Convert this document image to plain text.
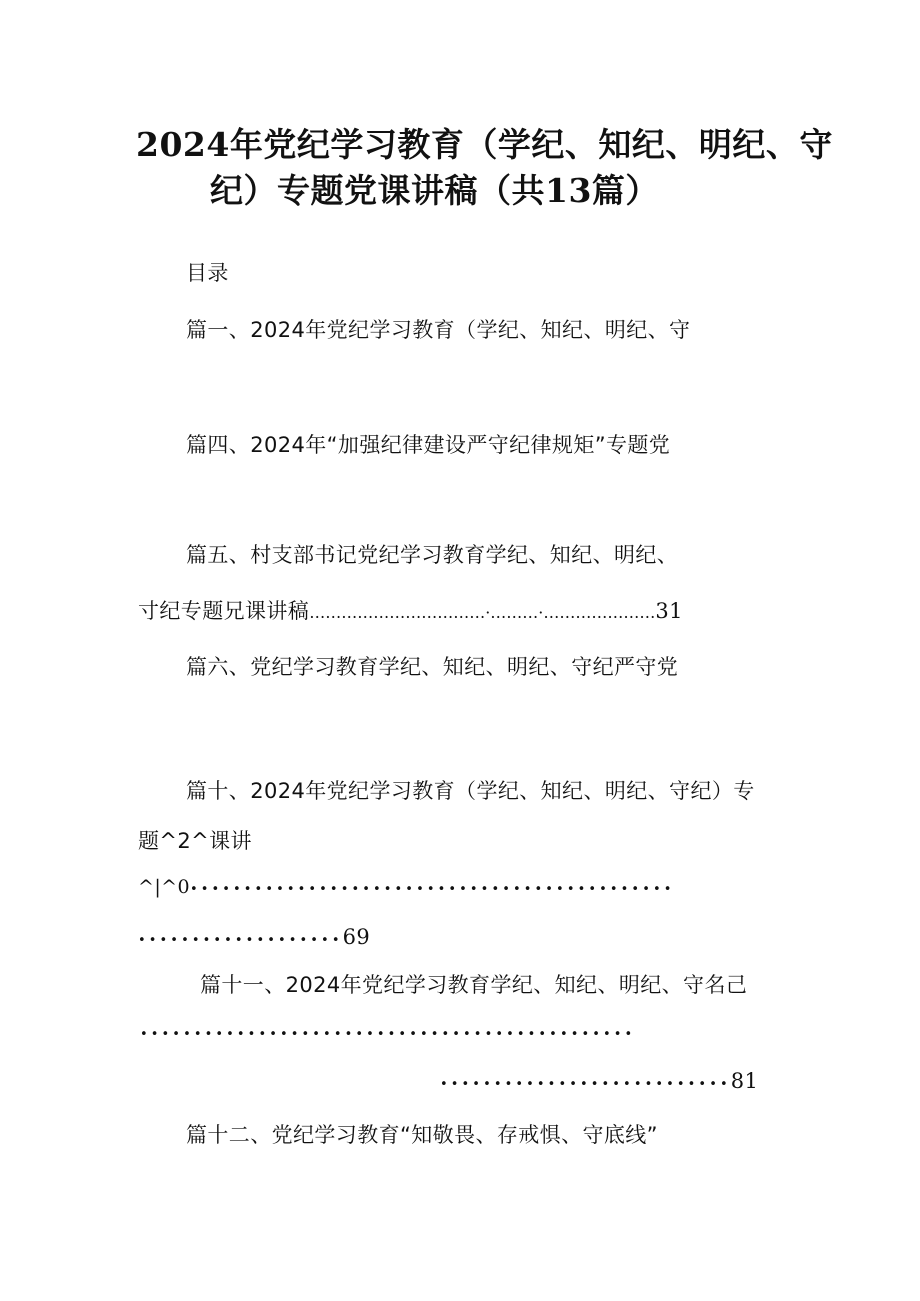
2024年党纪学习教育（学纪、知纪、明纪、守
纪）专题党课讲稿（共13篇）
目录
篇一、2024年党纪学习教育（学纪、知纪、明纪、守
篇四、2024年“加强纪律建设严守纪律规矩”专题党
篇五、村支部书记党纪学习教育学纪、知纪、明纪、
寸纪专题兄课讲稿……………………………·………·…………………31
篇六、党纪学习教育学纪、知纪、明纪、守纪严守党
篇十、2024年党纪学习教育（学纪、知纪、明纪、守纪）专
题^2^课讲
^|^0•••••••••••••••••••••••••••••••••••••••••••••
•••••••••••••••••••69
篇十一、2024年党纪学习教育学纪、知纪、明纪、守名己
••••••••••••••••••••••••••••••••••••••••••••••
•••••••••••••••••••••••••••81
篇十二、党纪学习教育“知敬畏、存戒惧、守底线”
